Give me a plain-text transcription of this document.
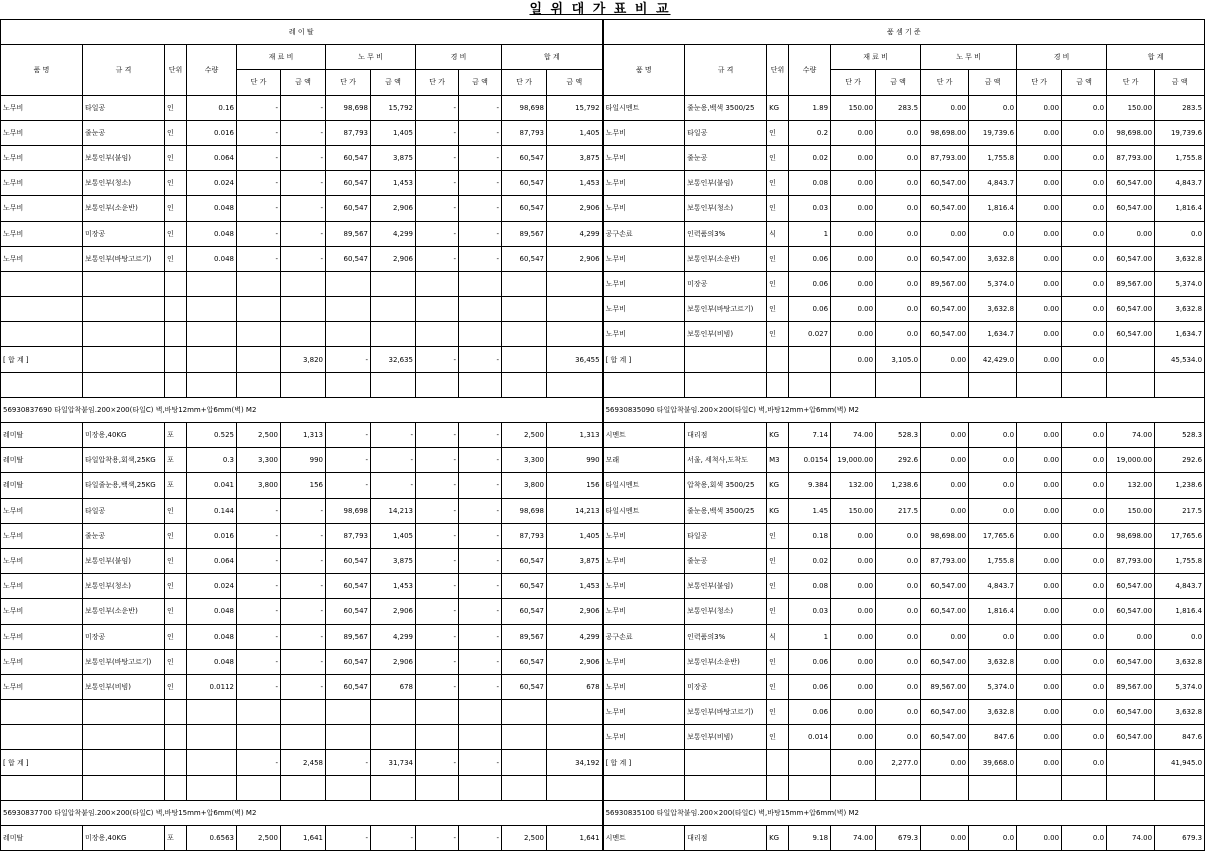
일 위 대 가 표 비 교
레 이 탈												품 셈 기 준											
품 명	규 격	단위	수량	재 료 비		노 무 비		경 비		합 계		품 명	규 격	단위	수량	재 료 비		노 무 비		경 비		합 계	
				단 가	금 액	단 가	금 액	단 가	금 액	단 가	금 액					단 가	금 액	단 가	금 액	단 가	금 액	단 가	금 액
노무비	타일공	인	0.16	-	-	98,698	15,792	-	-	98,698	15,792	타일시멘트	줄눈용,백색 3500/25	KG	1.89	150.00	283.5	0.00	0.0	0.00	0.0	150.00	283.5
노무비	줄눈공	인	0.016	-	-	87,793	1,405	-	-	87,793	1,405	노무비	타일공	인	0.2	0.00	0.0	98,698.00	19,739.6	0.00	0.0	98,698.00	19,739.6
노무비	보통인부(붙임)	인	0.064	-	-	60,547	3,875	-	-	60,547	3,875	노무비	줄눈공	인	0.02	0.00	0.0	87,793.00	1,755.8	0.00	0.0	87,793.00	1,755.8
노무비	보통인부(청소)	인	0.024	-	-	60,547	1,453	-	-	60,547	1,453	노무비	보통인부(붙임)	인	0.08	0.00	0.0	60,547.00	4,843.7	0.00	0.0	60,547.00	4,843.7
노무비	보통인부(소운반)	인	0.048	-	-	60,547	2,906	-	-	60,547	2,906	노무비	보통인부(청소)	인	0.03	0.00	0.0	60,547.00	1,816.4	0.00	0.0	60,547.00	1,816.4
노무비	미장공	인	0.048	-	-	89,567	4,299	-	-	89,567	4,299	공구손료	인력품의3%	식	1	0.00	0.0	0.00	0.0	0.00	0.0	0.00	0.0
노무비	보통인부(바탕고르기)	인	0.048	-	-	60,547	2,906	-	-	60,547	2,906	노무비	보통인부(소운반)	인	0.06	0.00	0.0	60,547.00	3,632.8	0.00	0.0	60,547.00	3,632.8
												노무비	미장공	인	0.06	0.00	0.0	89,567.00	5,374.0	0.00	0.0	89,567.00	5,374.0
												노무비	보통인부(바탕고르기)	인	0.06	0.00	0.0	60,547.00	3,632.8	0.00	0.0	60,547.00	3,632.8
												노무비	보통인부(비빔)	인	0.027	0.00	0.0	60,547.00	1,634.7	0.00	0.0	60,547.00	1,634.7
[ 합 계 ]					3,820	-	32,635	-	-		36,455	[ 합 계 ]				0.00	3,105.0	0.00	42,429.0	0.00	0.0		45,534.0

56930837690 타일압착붙임.200×200(타일C) 벽,바탕12mm+압6mm(벽) M2												56930835090 타일압착붙임.200×200(타일C) 벽,바탕12mm+압6mm(벽) M2											
레미탈	미장용,40KG	포	0.525	2,500	1,313	-	-	-	-	2,500	1,313	시멘트	대리점	KG	7.14	74.00	528.3	0.00	0.0	0.00	0.0	74.00	528.3
레미탈	타일압착용,회색,25KG	포	0.3	3,300	990	-	-	-	-	3,300	990	모래	서울, 세척사,도착도	M3	0.0154	19,000.00	292.6	0.00	0.0	0.00	0.0	19,000.00	292.6
레미탈	타일줄눈용,백색,25KG	포	0.041	3,800	156	-	-	-	-	3,800	156	타일시멘트	압착용,회색 3500/25	KG	9.384	132.00	1,238.6	0.00	0.0	0.00	0.0	132.00	1,238.6
노무비	타일공	인	0.144	-	-	98,698	14,213	-	-	98,698	14,213	타일시멘트	줄눈용,백색 3500/25	KG	1.45	150.00	217.5	0.00	0.0	0.00	0.0	150.00	217.5
노무비	줄눈공	인	0.016	-	-	87,793	1,405	-	-	87,793	1,405	노무비	타일공	인	0.18	0.00	0.0	98,698.00	17,765.6	0.00	0.0	98,698.00	17,765.6
노무비	보통인부(붙임)	인	0.064	-	-	60,547	3,875	-	-	60,547	3,875	노무비	줄눈공	인	0.02	0.00	0.0	87,793.00	1,755.8	0.00	0.0	87,793.00	1,755.8
노무비	보통인부(청소)	인	0.024	-	-	60,547	1,453	-	-	60,547	1,453	노무비	보통인부(붙임)	인	0.08	0.00	0.0	60,547.00	4,843.7	0.00	0.0	60,547.00	4,843.7
노무비	보통인부(소운반)	인	0.048	-	-	60,547	2,906	-	-	60,547	2,906	노무비	보통인부(청소)	인	0.03	0.00	0.0	60,547.00	1,816.4	0.00	0.0	60,547.00	1,816.4
노무비	미장공	인	0.048	-	-	89,567	4,299	-	-	89,567	4,299	공구손료	인력품의3%	식	1	0.00	0.0	0.00	0.0	0.00	0.0	0.00	0.0
노무비	보통인부(바탕고르기)	인	0.048	-	-	60,547	2,906	-	-	60,547	2,906	노무비	보통인부(소운반)	인	0.06	0.00	0.0	60,547.00	3,632.8	0.00	0.0	60,547.00	3,632.8
노무비	보통인부(비빔)	인	0.0112	-	-	60,547	678	-	-	60,547	678	노무비	미장공	인	0.06	0.00	0.0	89,567.00	5,374.0	0.00	0.0	89,567.00	5,374.0
												노무비	보통인부(바탕고르기)	인	0.06	0.00	0.0	60,547.00	3,632.8	0.00	0.0	60,547.00	3,632.8
												노무비	보통인부(비빔)	인	0.014	0.00	0.0	60,547.00	847.6	0.00	0.0	60,547.00	847.6
[ 합 계 ]				-	2,458	-	31,734	-	-		34,192	[ 합 계 ]				0.00	2,277.0	0.00	39,668.0	0.00	0.0		41,945.0

56930837700 타일압착붙임.200×200(타일C) 벽,바탕15mm+압6mm(벽) M2												56930835100 타일압착붙임.200×200(타일C) 벽,바탕15mm+압6mm(벽) M2											
레미탈	미장용,40KG	포	0.6563	2,500	1,641	-	-	-	-	2,500	1,641	시멘트	대리점	KG	9.18	74.00	679.3	0.00	0.0	0.00	0.0	74.00	679.3
